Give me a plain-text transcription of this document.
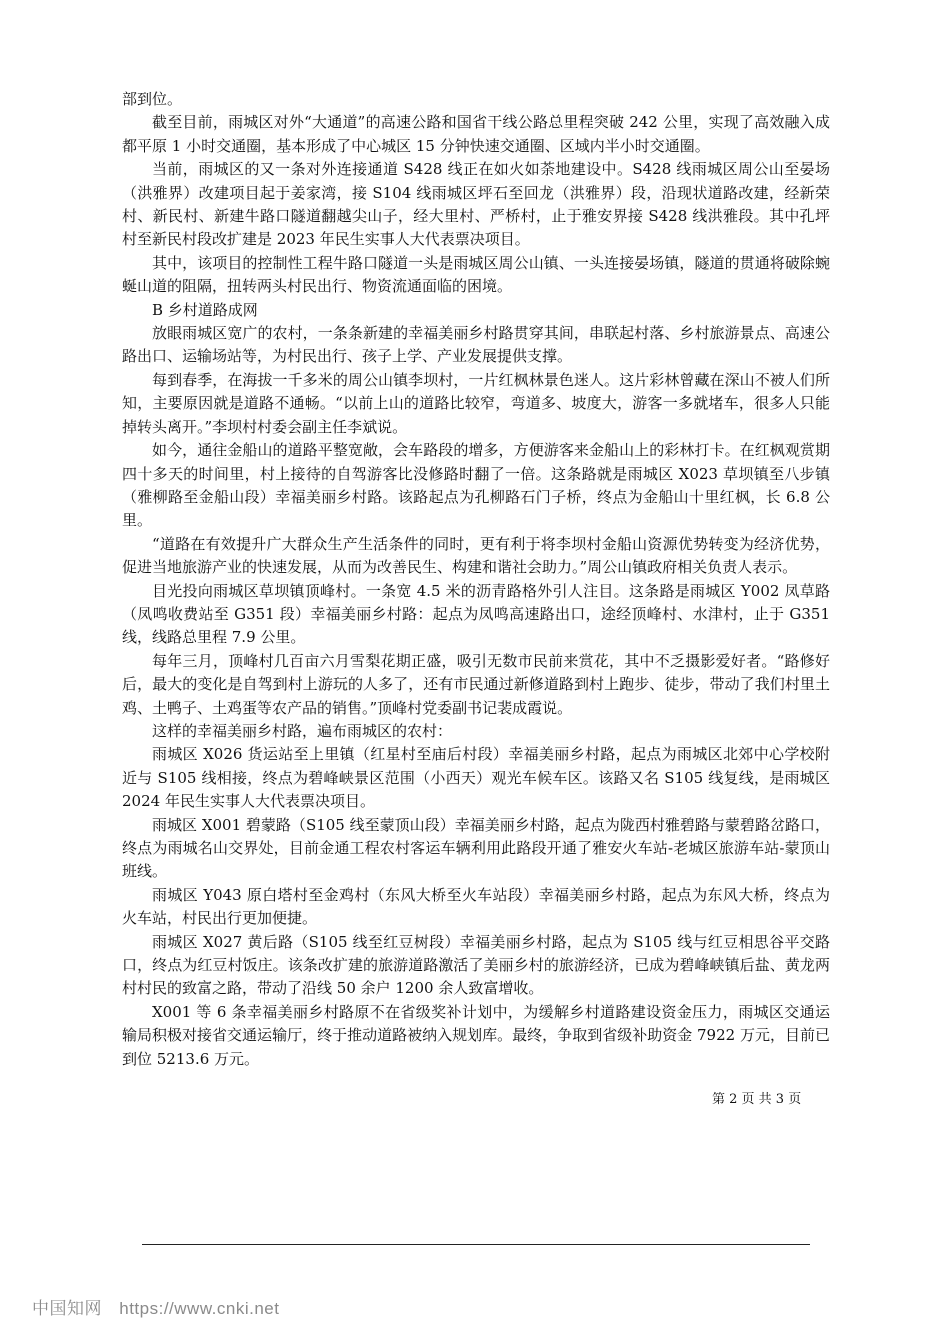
部到位。

截至目前，雨城区对外“大通道”的高速公路和国省干线公路总里程突破 242 公里，实现了高效融入成都平原 1 小时交通圈，基本形成了中心城区 15 分钟快速交通圈、区域内半小时交通圈。

当前，雨城区的又一条对外连接通道 S428 线正在如火如荼地建设中。S428 线雨城区周公山至晏场（洪雅界）改建项目起于姜家湾，接 S104 线雨城区坪石至回龙（洪雅界）段，沿现状道路改建，经新荣村、新民村、新建牛路口隧道翻越尖山子，经大里村、严桥村，止于雅安界接 S428 线洪雅段。其中孔坪村至新民村段改扩建是 2023 年民生实事人大代表票决项目。

其中，该项目的控制性工程牛路口隧道一头是雨城区周公山镇、一头连接晏场镇，隧道的贯通将破除蜿蜒山道的阻隔，扭转两头村民出行、物资流通面临的困境。

B 乡村道路成网

放眼雨城区宽广的农村，一条条新建的幸福美丽乡村路贯穿其间，串联起村落、乡村旅游景点、高速公路出口、运输场站等，为村民出行、孩子上学、产业发展提供支撑。

每到春季，在海拔一千多米的周公山镇李坝村，一片红枫林景色迷人。这片彩林曾藏在深山不被人们所知，主要原因就是道路不通畅。“以前上山的道路比较窄，弯道多、坡度大，游客一多就堵车，很多人只能掉转头离开。”李坝村村委会副主任李斌说。

如今，通往金船山的道路平整宽敞，会车路段的增多，方便游客来金船山上的彩林打卡。在红枫观赏期四十多天的时间里，村上接待的自驾游客比没修路时翻了一倍。这条路就是雨城区 X023 草坝镇至八步镇（雅柳路至金船山段）幸福美丽乡村路。该路起点为孔柳路石门子桥，终点为金船山十里红枫，长 6.8 公里。

“道路在有效提升广大群众生产生活条件的同时，更有利于将李坝村金船山资源优势转变为经济优势，促进当地旅游产业的快速发展，从而为改善民生、构建和谐社会助力。”周公山镇政府相关负责人表示。

目光投向雨城区草坝镇顶峰村。一条宽 4.5 米的沥青路格外引人注目。这条路是雨城区 Y002 凤草路（凤鸣收费站至 G351 段）幸福美丽乡村路：起点为凤鸣高速路出口，途经顶峰村、水津村，止于 G351 线，线路总里程 7.9 公里。

每年三月，顶峰村几百亩六月雪梨花期正盛，吸引无数市民前来赏花，其中不乏摄影爱好者。“路修好后，最大的变化是自驾到村上游玩的人多了，还有市民通过新修道路到村上跑步、徒步，带动了我们村里土鸡、土鸭子、土鸡蛋等农产品的销售。”顶峰村党委副书记裴成霞说。

这样的幸福美丽乡村路，遍布雨城区的农村：

雨城区 X026 货运站至上里镇（红星村至庙后村段）幸福美丽乡村路，起点为雨城区北郊中心学校附近与 S105 线相接，终点为碧峰峡景区范围（小西天）观光车候车区。该路又名 S105 线复线，是雨城区 2024 年民生实事人大代表票决项目。

雨城区 X001 碧蒙路（S105 线至蒙顶山段）幸福美丽乡村路，起点为陇西村雅碧路与蒙碧路岔路口，终点为雨城名山交界处，目前金通工程农村客运车辆利用此路段开通了雅安火车站-老城区旅游车站-蒙顶山班线。

雨城区 Y043 原白塔村至金鸡村（东风大桥至火车站段）幸福美丽乡村路，起点为东风大桥，终点为火车站，村民出行更加便捷。

雨城区 X027 黄后路（S105 线至红豆树段）幸福美丽乡村路，起点为 S105 线与红豆相思谷平交路口，终点为红豆村饭庄。该条改扩建的旅游道路激活了美丽乡村的旅游经济，已成为碧峰峡镇后盐、黄龙两村村民的致富之路，带动了沿线 50 余户 1200 余人致富增收。

X001 等 6 条幸福美丽乡村路原不在省级奖补计划中，为缓解乡村道路建设资金压力，雨城区交通运输局积极对接省交通运输厅，终于推动道路被纳入规划库。最终，争取到省级补助资金 7922 万元，目前已到位 5213.6 万元。

第 2 页 共 3 页
中国知网 https://www.cnki.net
